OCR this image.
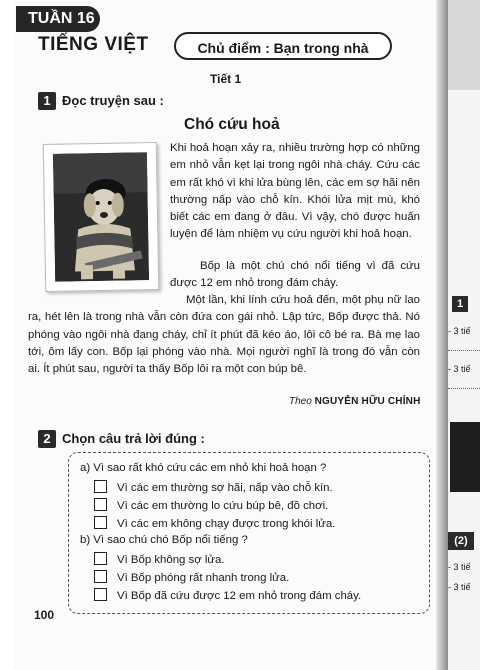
TUẦN 16
TIẾNG VIỆT	Chủ điểm : Bạn trong nhà
Tiết 1
1 Đọc truyện sau :
Chó cứu hoả
Khi hoả hoạn xảy ra, nhiều trường hợp có những em nhỏ vẫn kẹt lại trong ngôi nhà cháy. Cứu các em rất khó vì khi lửa bùng lên, các em sợ hãi nên thường nấp vào chỗ kín. Khói lửa mịt mù, khó biết các em đang ở đâu. Vì vậy, chó được huấn luyện để làm nhiệm vụ cứu người khi hoả hoạn.
Bốp là một chú chó nổi tiếng vì đã cứu được 12 em nhỏ trong đám cháy.
Một lần, khi lính cứu hoả đến, một phụ nữ lao ra, hét lên là trong nhà vẫn còn đứa con gái nhỏ. Lập tức, Bốp được thả. Nó phóng vào ngôi nhà đang cháy, chỉ ít phút đã kéo áo, lôi cô bé ra. Bà mẹ lao tới, ôm lấy con. Bốp lại phóng vào nhà. Mọi người nghĩ là trong đó vẫn còn ai. Ít phút sau, người ta thấy Bốp lôi ra một con búp bê.
Theo NGUYỄN HỮU CHỈNH
2 Chọn câu trả lời đúng :
a) Vì sao rất khó cứu các em nhỏ khi hoả hoạn ?
Vì các em thường sợ hãi, nấp vào chỗ kín.
Vì các em thường lo cứu búp bê, đồ chơi.
Vì các em không chạy được trong khói lửa.
b) Vì sao chú chó Bốp nổi tiếng ?
Vì Bốp không sợ lửa.
Vì Bốp phóng rất nhanh trong lửa.
Vì Bốp đã cứu được 12 em nhỏ trong đám cháy.
100
1
- 3 tiế
- 3 tiế
(2)
- 3 tiế
- 3 tiế
